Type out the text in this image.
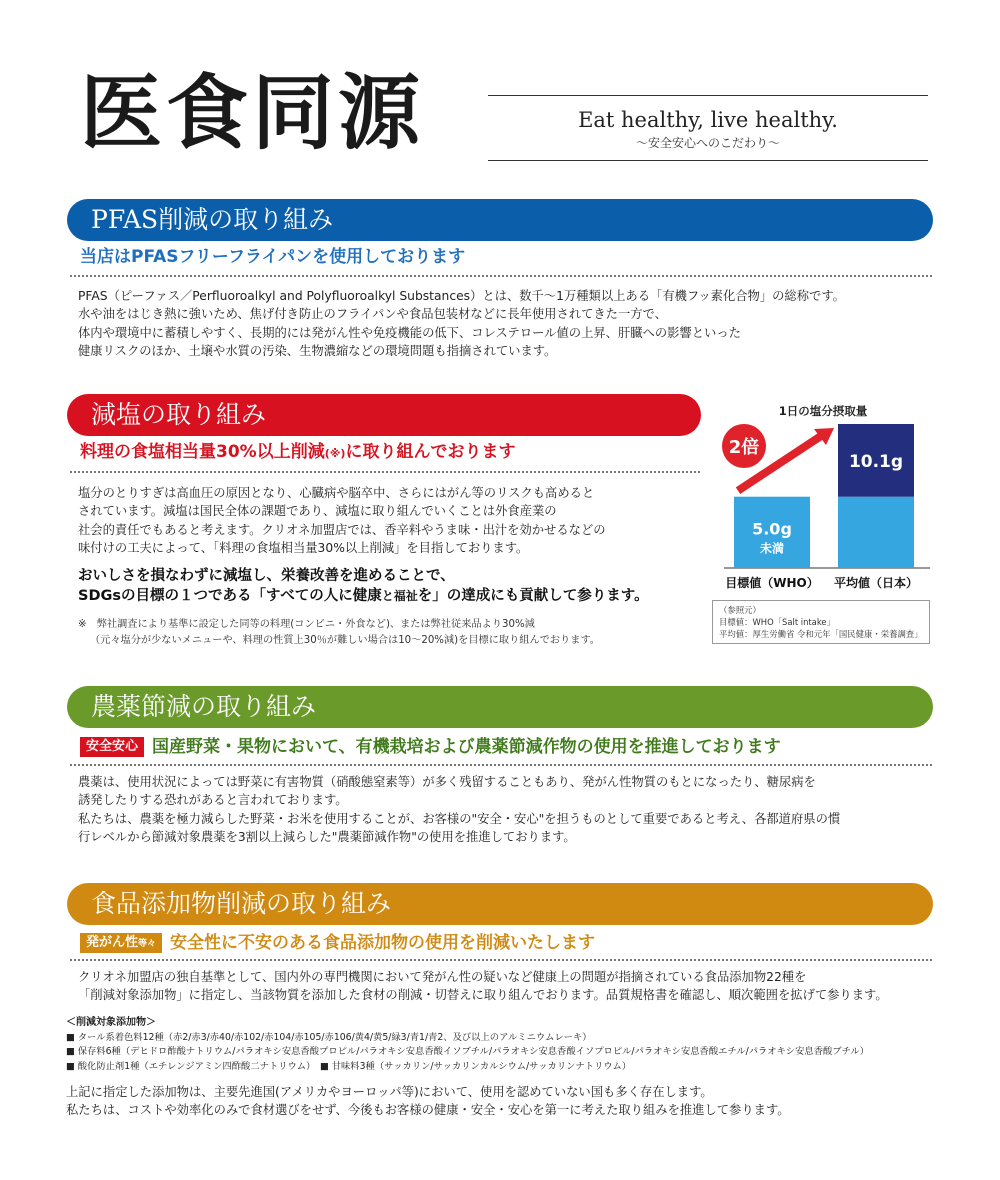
医食同源	Eat healthy, live healthy.
〜安全安心へのこだわり〜
PFAS削減の取り組み
当店はPFASフリーフライパンを使用しております

PFAS（ピーファス／Perfluoroalkyl and Polyfluoroalkyl Substances）とは、数千〜1万種類以上ある「有機フッ素化合物」の総称です。

水や油をはじき熱に強いため、焦げ付き防止のフライパンや食品包装材などに長年使用されてきた一方で、

体内や環境中に蓄積しやすく、長期的には発がん性や免疫機能の低下、コレステロール値の上昇、肝臓への影響といった

健康リスクのほか、土壌や水質の汚染、生物濃縮などの環境問題も指摘されています。

減塩の取り組み
料理の食塩相当量30%以上削減(※)に取り組んでおります

塩分のとりすぎは高血圧の原因となり、心臓病や脳卒中、さらにはがん等のリスクも高めると

されています。減塩は国民全体の課題であり、減塩に取り組んでいくことは外食産業の

社会的責任でもあると考えます。クリオネ加盟店では、香辛料やうま味・出汁を効かせるなどの

味付けの工夫によって、「料理の食塩相当量30%以上削減」を目指しております。

おいしさを損なわずに減塩し、栄養改善を進めることで、

SDGsの目標の１つである「すべての人に健康と福祉を」の達成にも貢献して参ります。

※　弊社調査により基準に設定した同等の料理(コンビニ・外食など)、または弊社従来品より30%減

（元々塩分が少ないメニューや、料理の性質上30％が難しい場合は10〜20%減)を目標に取り組んでおります。

1日の塩分摂取量
5.0g
未満
10.1g
2倍
目標値（WHO） 平均値（日本）

（参照元）

目標値：WHO「Salt intake」

平均値：厚生労働省 令和元年「国民健康・栄養調査」

農薬節減の取り組み
安全安心 国産野菜・果物において、有機栽培および農薬節減作物の使用を推進しております

農薬は、使用状況によっては野菜に有害物質（硝酸態窒素等）が多く残留することもあり、発がん性物質のもとになったり、糖尿病を

誘発したりする恐れがあると言われております。

私たちは、農薬を極力減らした野菜・お米を使用することが、お客様の"安全・安心"を担うものとして重要であると考え、各都道府県の慣

行レベルから節減対象農薬を3割以上減らした"農薬節減作物"の使用を推進しております。

食品添加物削減の取り組み
発がん性等々 安全性に不安のある食品添加物の使用を削減いたします

クリオネ加盟店の独自基準として、国内外の専門機関において発がん性の疑いなど健康上の問題が指摘されている食品添加物22種を

「削減対象添加物」に指定し、当該物質を添加した食材の削減・切替えに取り組んでおります。品質規格書を確認し、順次範囲を拡げて参ります。

＜削減対象添加物＞

■ タール系着色料12種（赤2/赤3/赤40/赤102/赤104/赤105/赤106/黄4/黄5/緑3/青1/青2、及び以上のアルミニウムレーキ）

■ 保存料6種（デヒドロ酢酸ナトリウム/パラオキシ安息香酸プロピル/パラオキシ安息香酸イソブチル/パラオキシ安息香酸イソプロピル/パラオキシ安息香酸エチル/パラオキシ安息香酸ブチル）

■ 酸化防止剤1種（エチレンジアミン四酢酸二ナトリウム）　■ 甘味料3種（サッカリン/サッカリンカルシウム/サッカリンナトリウム）

上記に指定した添加物は、主要先進国(アメリカやヨーロッパ等)において、使用を認めていない国も多く存在します。

私たちは、コストや効率化のみで食材選びをせず、今後もお客様の健康・安全・安心を第一に考えた取り組みを推進して参ります。
